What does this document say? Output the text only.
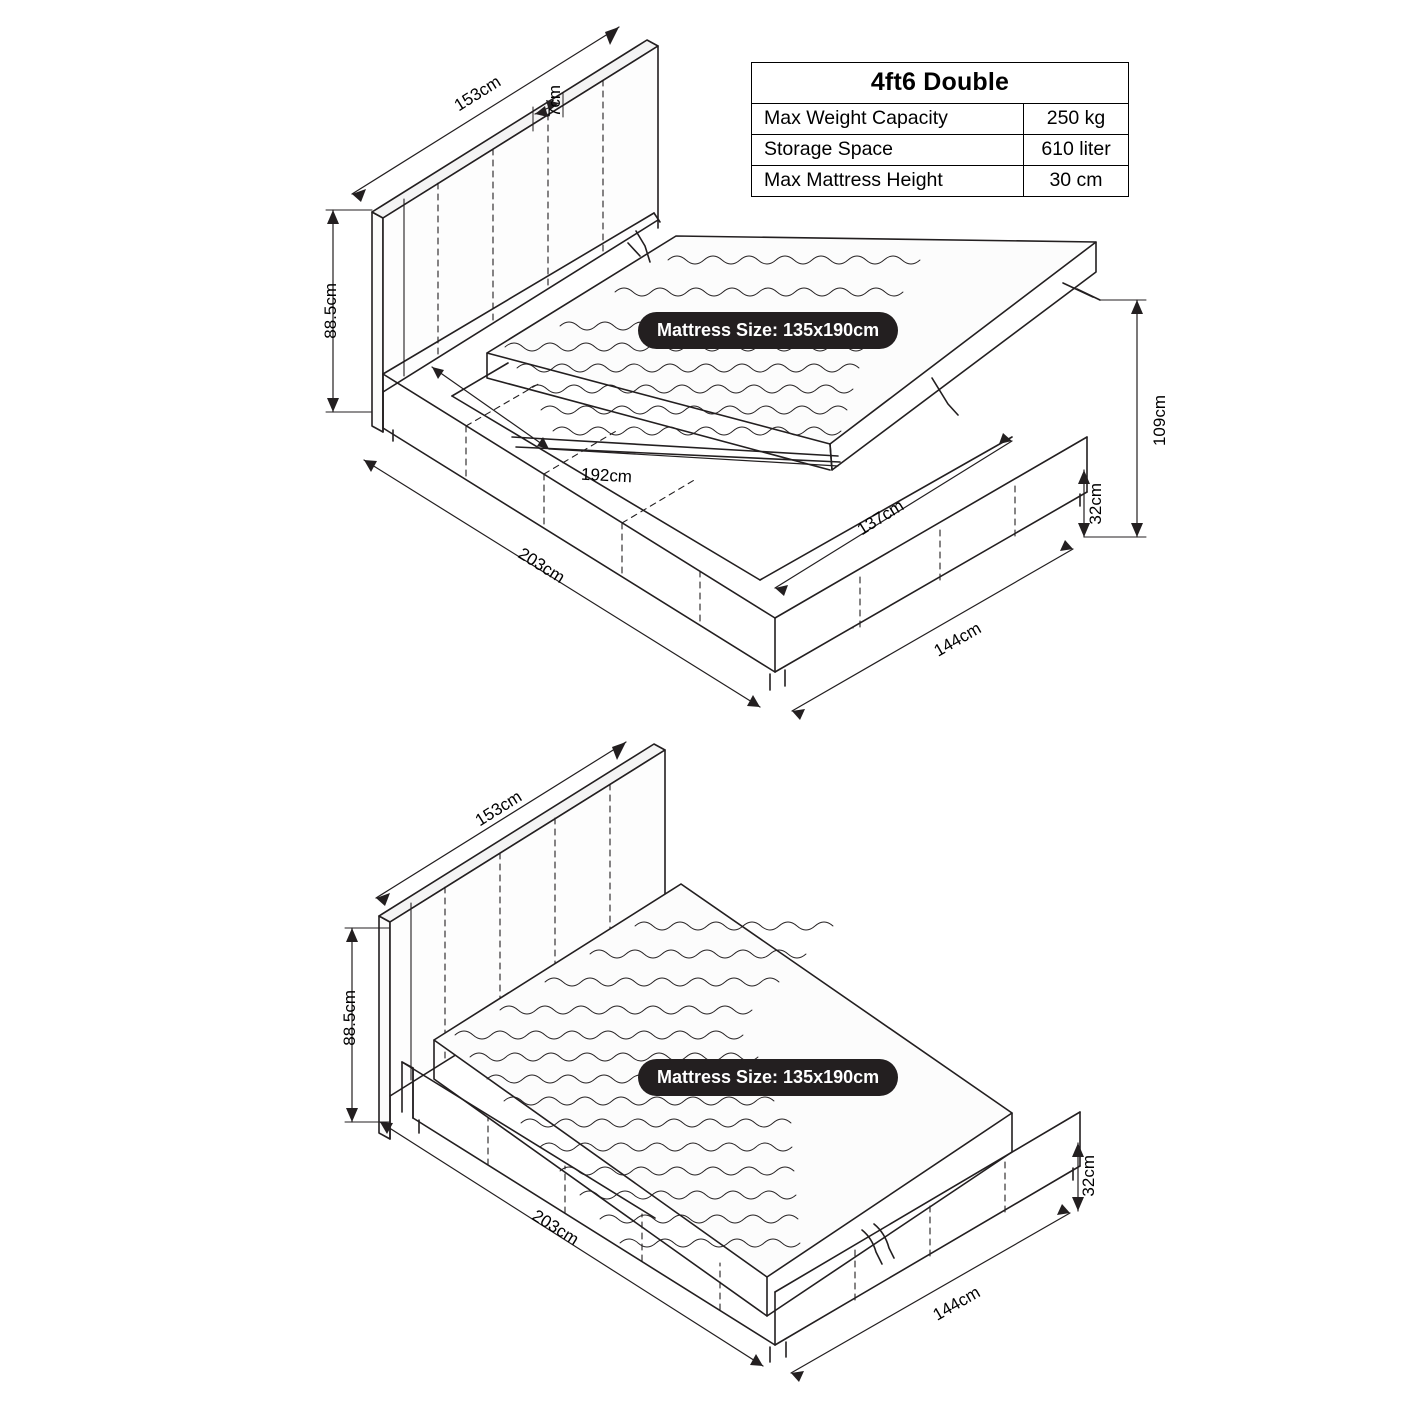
4ft6 Double
Max Weight Capacity	250 kg
Storage Space	610 liter
Max Mattress Height	30 cm
Mattress Size: 135x190cm
Mattress Size: 135x190cm
153cm 7cm
88.5cm
192cm
137cm
203cm
144cm
32cm
109cm
153cm
88.5cm
203cm
144cm
32cm
